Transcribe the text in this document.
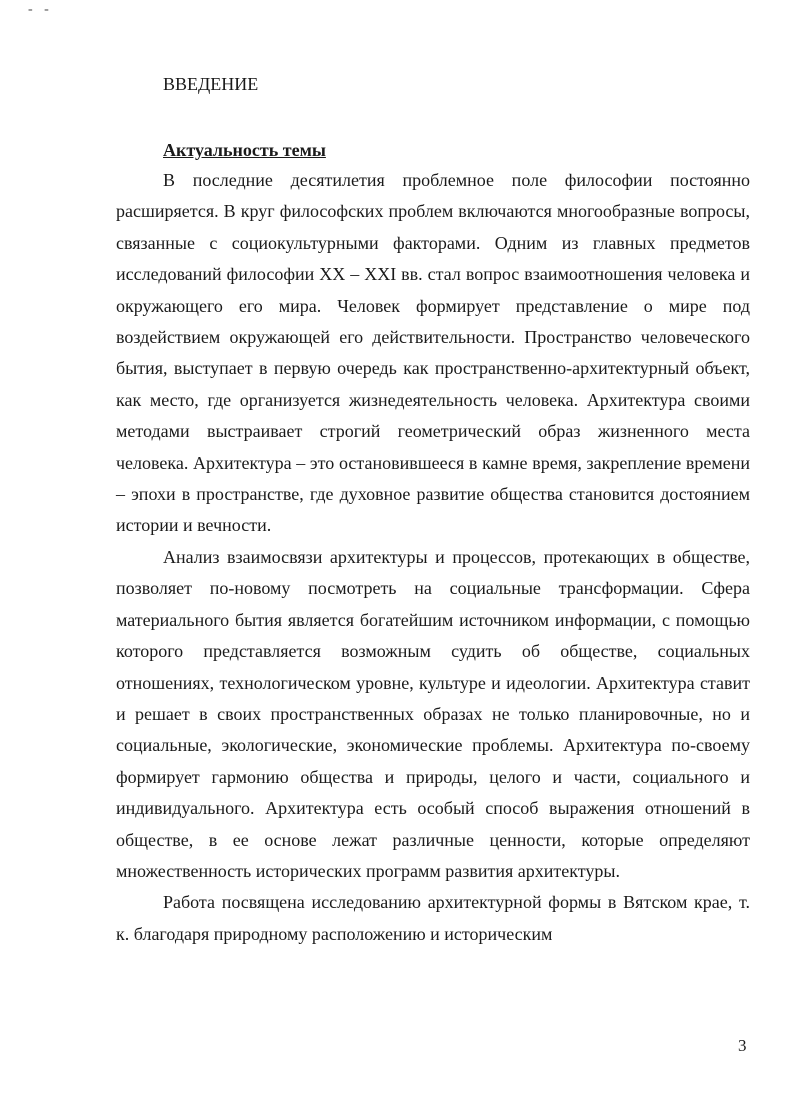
- -
ВВЕДЕНИЕ
Актуальность темы

В последние десятилетия проблемное поле философии постоянно расширяется. В круг философских проблем включаются многообразные вопросы, связанные с социокультурными факторами. Одним из главных предметов исследований философии XX – XXI вв. стал вопрос взаимоотношения человека и окружающего его мира. Человек формирует представление о мире под воздействием окружающей его действительности. Пространство человеческого бытия, выступает в первую очередь как пространственно-архитектурный объект, как место, где организуется жизнедеятельность человека. Архитектура своими методами выстраивает строгий геометрический образ жизненного места человека. Архитектура – это остановившееся в камне время, закрепление времени – эпохи в пространстве, где духовное развитие общества становится достоянием истории и вечности.

Анализ взаимосвязи архитектуры и процессов, протекающих в обществе, позволяет по-новому посмотреть на социальные трансформации. Сфера материального бытия является богатейшим источником информации, с помощью которого представляется возможным судить об обществе, социальных отношениях, технологическом уровне, культуре и идеологии. Архитектура ставит и решает в своих пространственных образах не только планировочные, но и социальные, экологические, экономические проблемы. Архитектура по-своему формирует гармонию общества и природы, целого и части, социального и индивидуального. Архитектура есть особый способ выражения отношений в обществе, в ее основе лежат различные ценности, которые определяют множественность исторических программ развития архитектуры.

Работа посвящена исследованию архитектурной формы в Вятском крае, т. к. благодаря природному расположению и историческим

3
